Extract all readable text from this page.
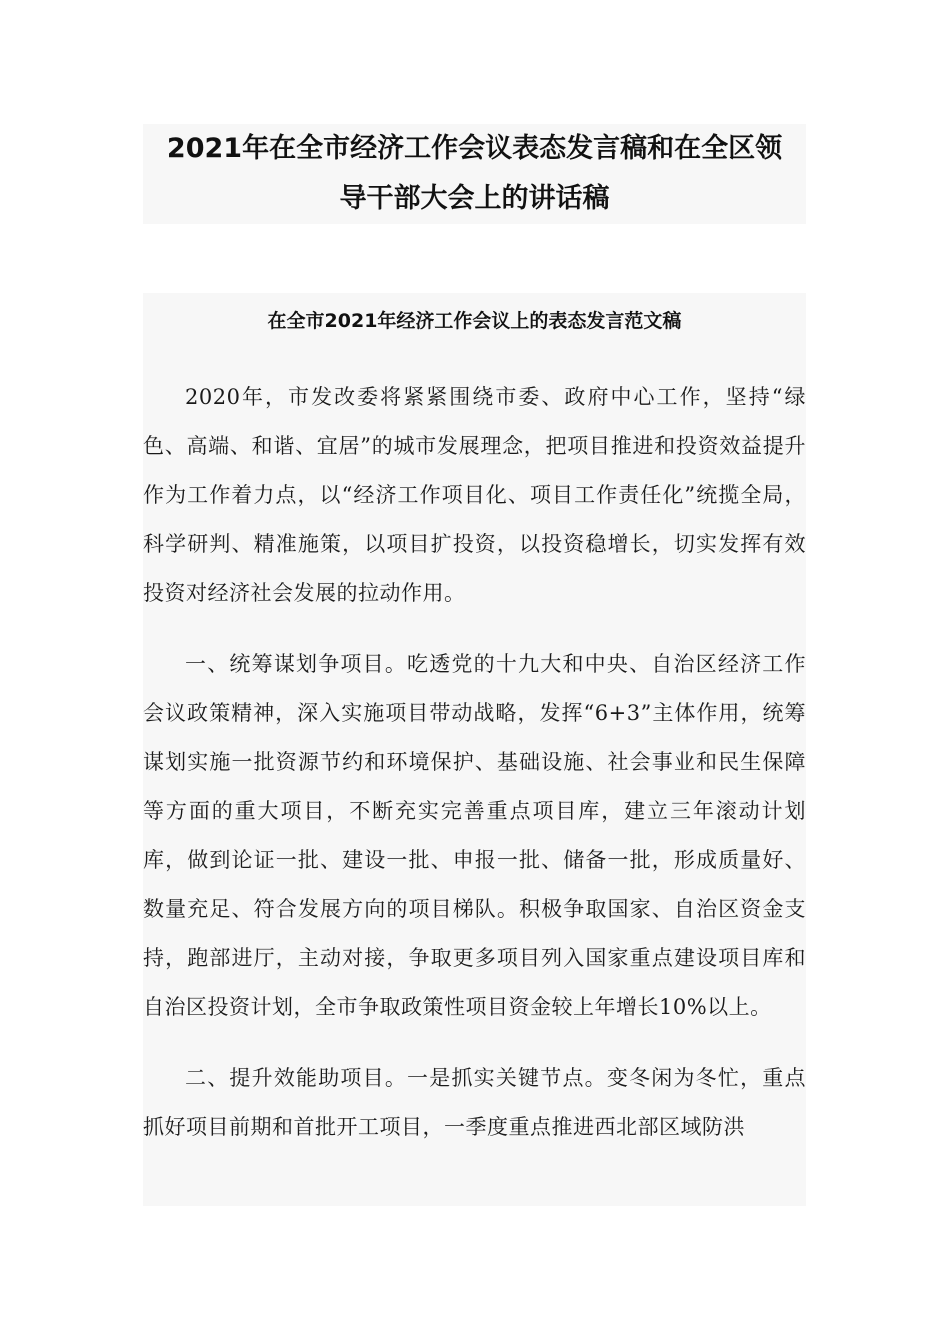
2021年在全市经济工作会议表态发言稿和在全区领
导干部大会上的讲话稿
在全市2021年经济工作会议上的表态发言范文稿

2020年，市发改委将紧紧围绕市委、政府中心工作，坚持“绿色、高端、和谐、宜居”的城市发展理念，把项目推进和投资效益提升作为工作着力点，以“经济工作项目化、项目工作责任化”统揽全局，科学研判、精准施策，以项目扩投资，以投资稳增长，切实发挥有效投资对经济社会发展的拉动作用。

一、统筹谋划争项目。吃透党的十九大和中央、自治区经济工作会议政策精神，深入实施项目带动战略，发挥“6+3”主体作用，统筹谋划实施一批资源节约和环境保护、基础设施、社会事业和民生保障等方面的重大项目，不断充实完善重点项目库，建立三年滚动计划库，做到论证一批、建设一批、申报一批、储备一批，形成质量好、数量充足、符合发展方向的项目梯队。积极争取国家、自治区资金支持，跑部进厅，主动对接，争取更多项目列入国家重点建设项目库和自治区投资计划，全市争取政策性项目资金较上年增长10%以上。

二、提升效能助项目。一是抓实关键节点。变冬闲为冬忙，重点抓好项目前期和首批开工项目，一季度重点推进西北部区域防洪
